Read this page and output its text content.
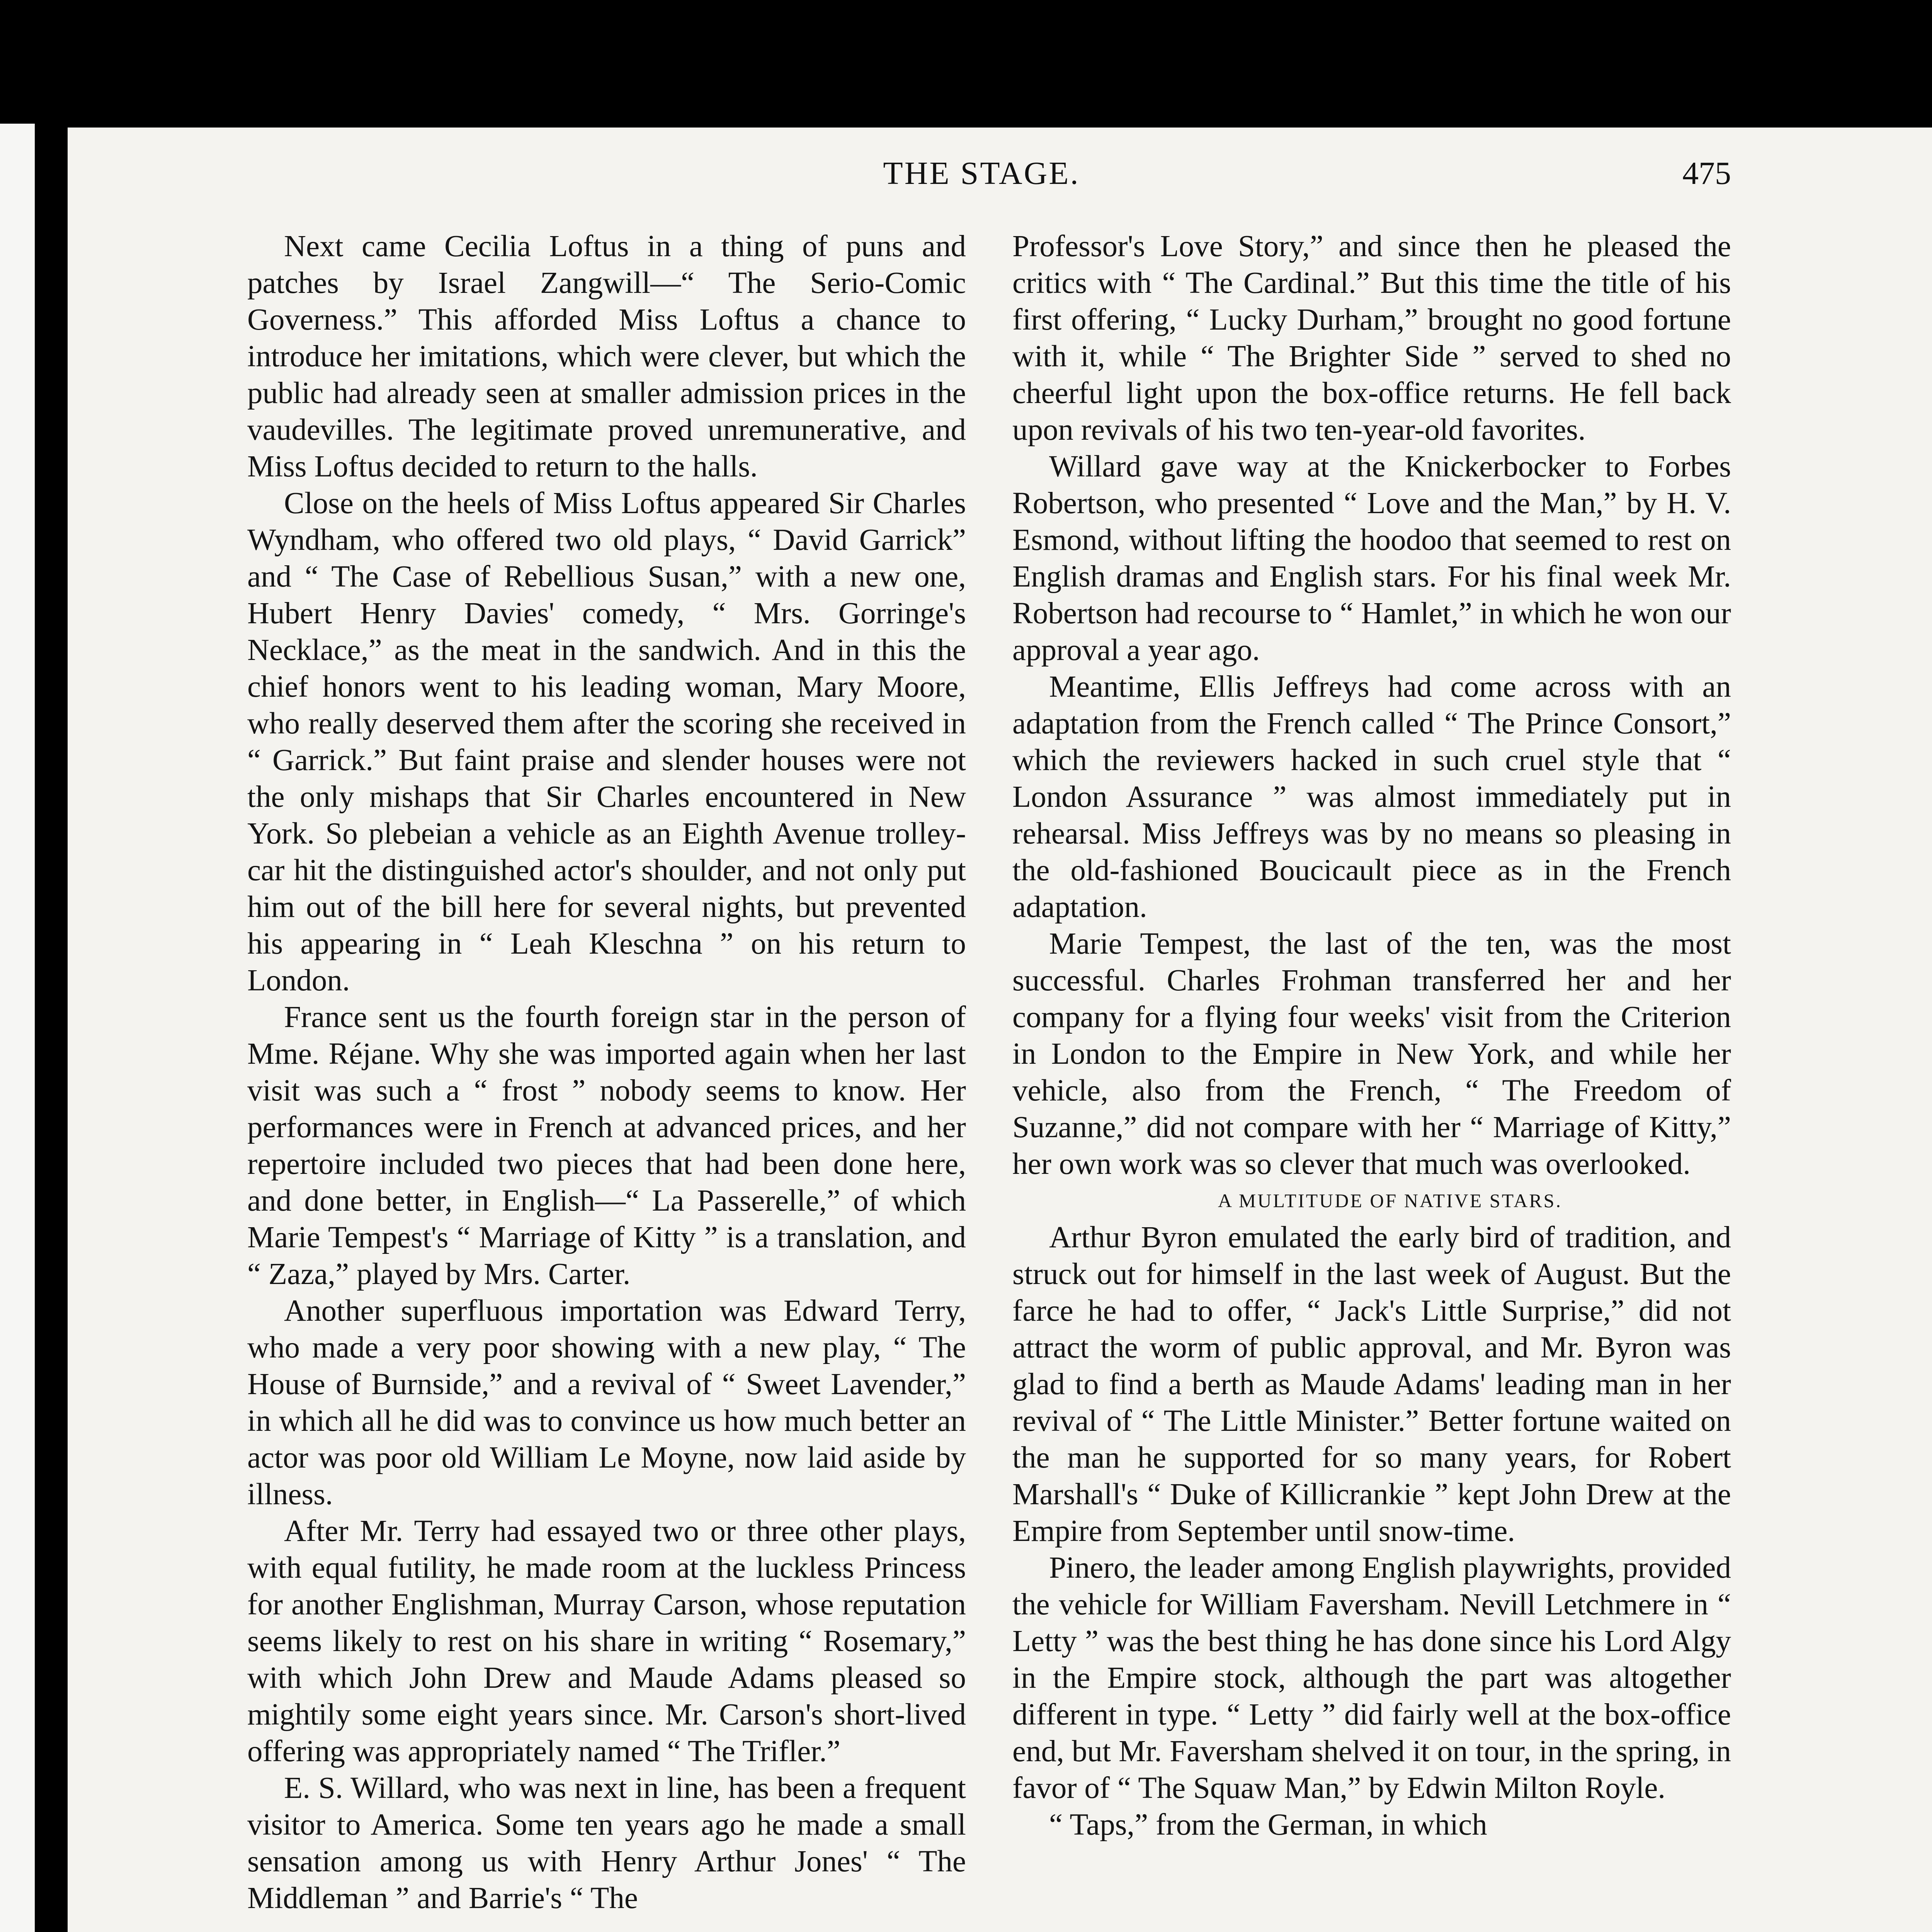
THE STAGE.	475

Next came Cecilia Loftus in a thing of puns and patches by Israel Zangwill—“ The Serio-Comic Governess.” This afforded Miss Loftus a chance to introduce her imitations, which were clever, but which the public had already seen at smaller admission prices in the vaudevilles. The legitimate proved unremunerative, and Miss Loftus decided to return to the halls.

Close on the heels of Miss Loftus appeared Sir Charles Wyndham, who offered two old plays, “ David Garrick” and “ The Case of Rebellious Susan,” with a new one, Hubert Henry Davies' comedy, “ Mrs. Gorringe's Necklace,” as the meat in the sandwich. And in this the chief honors went to his leading woman, Mary Moore, who really deserved them after the scoring she received in “ Garrick.” But faint praise and slender houses were not the only mishaps that Sir Charles encountered in New York. So plebeian a vehicle as an Eighth Avenue trolley-car hit the distinguished actor's shoulder, and not only put him out of the bill here for several nights, but prevented his appearing in “ Leah Kleschna ” on his return to London.

France sent us the fourth foreign star in the person of Mme. Réjane. Why she was imported again when her last visit was such a “ frost ” nobody seems to know. Her performances were in French at advanced prices, and her repertoire included two pieces that had been done here, and done better, in English—“ La Passerelle,” of which Marie Tempest's “ Marriage of Kitty ” is a translation, and “ Zaza,” played by Mrs. Carter.

Another superfluous importation was Edward Terry, who made a very poor showing with a new play, “ The House of Burnside,” and a revival of “ Sweet Lavender,” in which all he did was to convince us how much better an actor was poor old William Le Moyne, now laid aside by illness.

After Mr. Terry had essayed two or three other plays, with equal futility, he made room at the luckless Princess for another Englishman, Murray Carson, whose reputation seems likely to rest on his share in writing “ Rosemary,” with which John Drew and Maude Adams pleased so mightily some eight years since. Mr. Carson's short-lived offering was appropriately named “ The Trifler.”

E. S. Willard, who was next in line, has been a frequent visitor to America. Some ten years ago he made a small sensation among us with Henry Arthur Jones' “ The Middleman ” and Barrie's “ The

Professor's Love Story,” and since then he pleased the critics with “ The Cardinal.” But this time the title of his first offering, “ Lucky Durham,” brought no good fortune with it, while “ The Brighter Side ” served to shed no cheerful light upon the box-office returns. He fell back upon revivals of his two ten-year-old favorites.

Willard gave way at the Knickerbocker to Forbes Robertson, who presented “ Love and the Man,” by H. V. Esmond, without lifting the hoodoo that seemed to rest on English dramas and English stars. For his final week Mr. Robertson had recourse to “ Hamlet,” in which he won our approval a year ago.

Meantime, Ellis Jeffreys had come across with an adaptation from the French called “ The Prince Consort,” which the reviewers hacked in such cruel style that “ London Assurance ” was almost immediately put in rehearsal. Miss Jeffreys was by no means so pleasing in the old-fashioned Boucicault piece as in the French adaptation.

Marie Tempest, the last of the ten, was the most successful. Charles Frohman transferred her and her company for a flying four weeks' visit from the Criterion in London to the Empire in New York, and while her vehicle, also from the French, “ The Freedom of Suzanne,” did not compare with her “ Marriage of Kitty,” her own work was so clever that much was overlooked.

A MULTITUDE OF NATIVE STARS.

Arthur Byron emulated the early bird of tradition, and struck out for himself in the last week of August. But the farce he had to offer, “ Jack's Little Surprise,” did not attract the worm of public approval, and Mr. Byron was glad to find a berth as Maude Adams' leading man in her revival of “ The Little Minister.” Better fortune waited on the man he supported for so many years, for Robert Marshall's “ Duke of Killicrankie ” kept John Drew at the Empire from September until snow-time.

Pinero, the leader among English playwrights, provided the vehicle for William Faversham. Nevill Letchmere in “ Letty ” was the best thing he has done since his Lord Algy in the Empire stock, although the part was altogether different in type. “ Letty ” did fairly well at the box-office end, but Mr. Faversham shelved it on tour, in the spring, in favor of “ The Squaw Man,” by Edwin Milton Royle.

“ Taps,” from the German, in which
